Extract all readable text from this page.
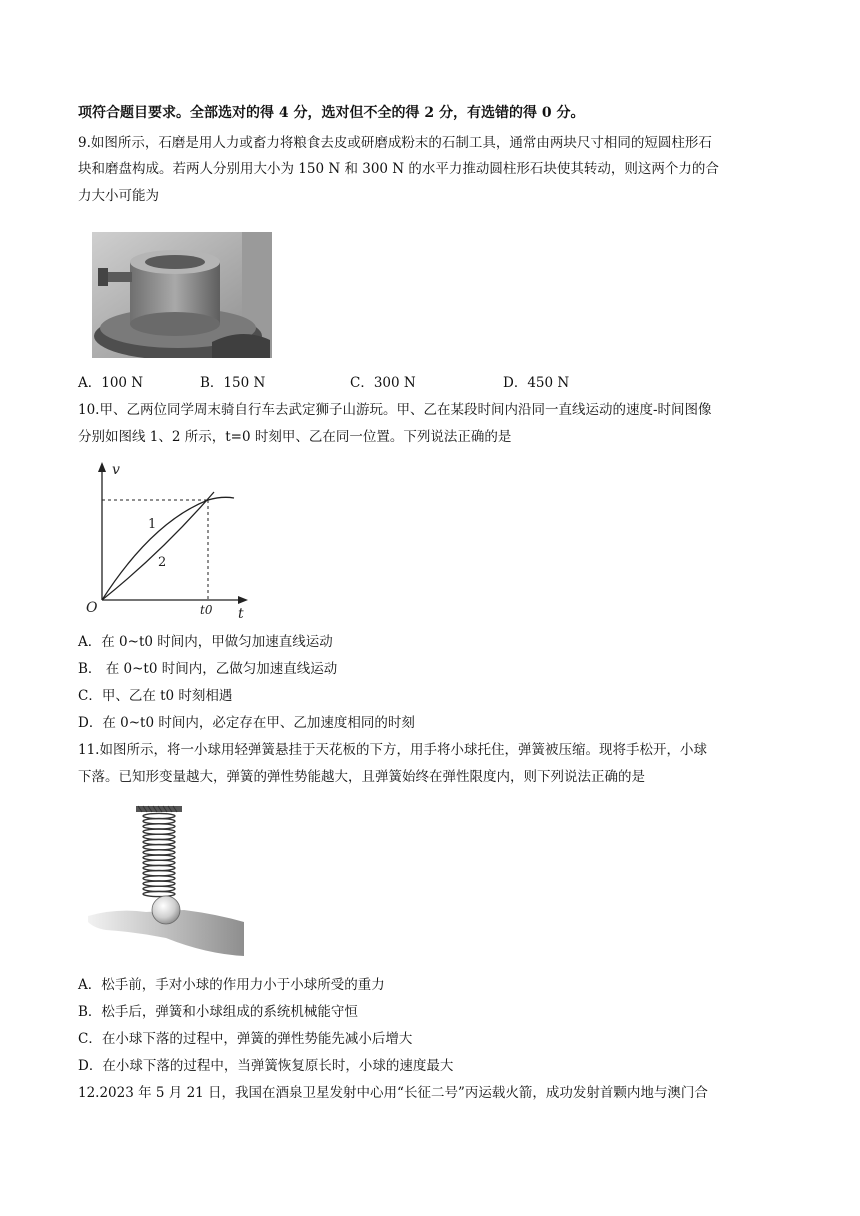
项符合题目要求。全部选对的得 4 分，选对但不全的得 2 分，有选错的得 0 分。
9.如图所示，石磨是用人力或畜力将粮食去皮或研磨成粉末的石制工具，通常由两块尺寸相同的短圆柱形石
块和磨盘构成。若两人分别用大小为 150 N 和 300 N 的水平力推动圆柱形石块使其转动，则这两个力的合
力大小可能为
A．100 N	B．150 N	C．300 N	D．450 N
10.甲、乙两位同学周末骑自行车去武定狮子山游玩。甲、乙在某段时间内沿同一直线运动的速度-时间图像
分别如图线 1、2 所示，t=0 时刻甲、乙在同一位置。下列说法正确的是
v
t
O	t0
1
2
A．在 0~t0 时间内，甲做匀加速直线运动
B． 在 0~t0 时间内，乙做匀加速直线运动
C．甲、乙在 t0 时刻相遇
D．在 0~t0 时间内，必定存在甲、乙加速度相同的时刻
11.如图所示，将一小球用轻弹簧悬挂于天花板的下方，用手将小球托住，弹簧被压缩。现将手松开，小球
下落。已知形变量越大，弹簧的弹性势能越大，且弹簧始终在弹性限度内，则下列说法正确的是
A．松手前，手对小球的作用力小于小球所受的重力
B．松手后，弹簧和小球组成的系统机械能守恒
C．在小球下落的过程中，弹簧的弹性势能先减小后增大
D．在小球下落的过程中，当弹簧恢复原长时，小球的速度最大
12.2023 年 5 月 21 日，我国在酒泉卫星发射中心用“长征二号”丙运载火箭，成功发射首颗内地与澳门合
